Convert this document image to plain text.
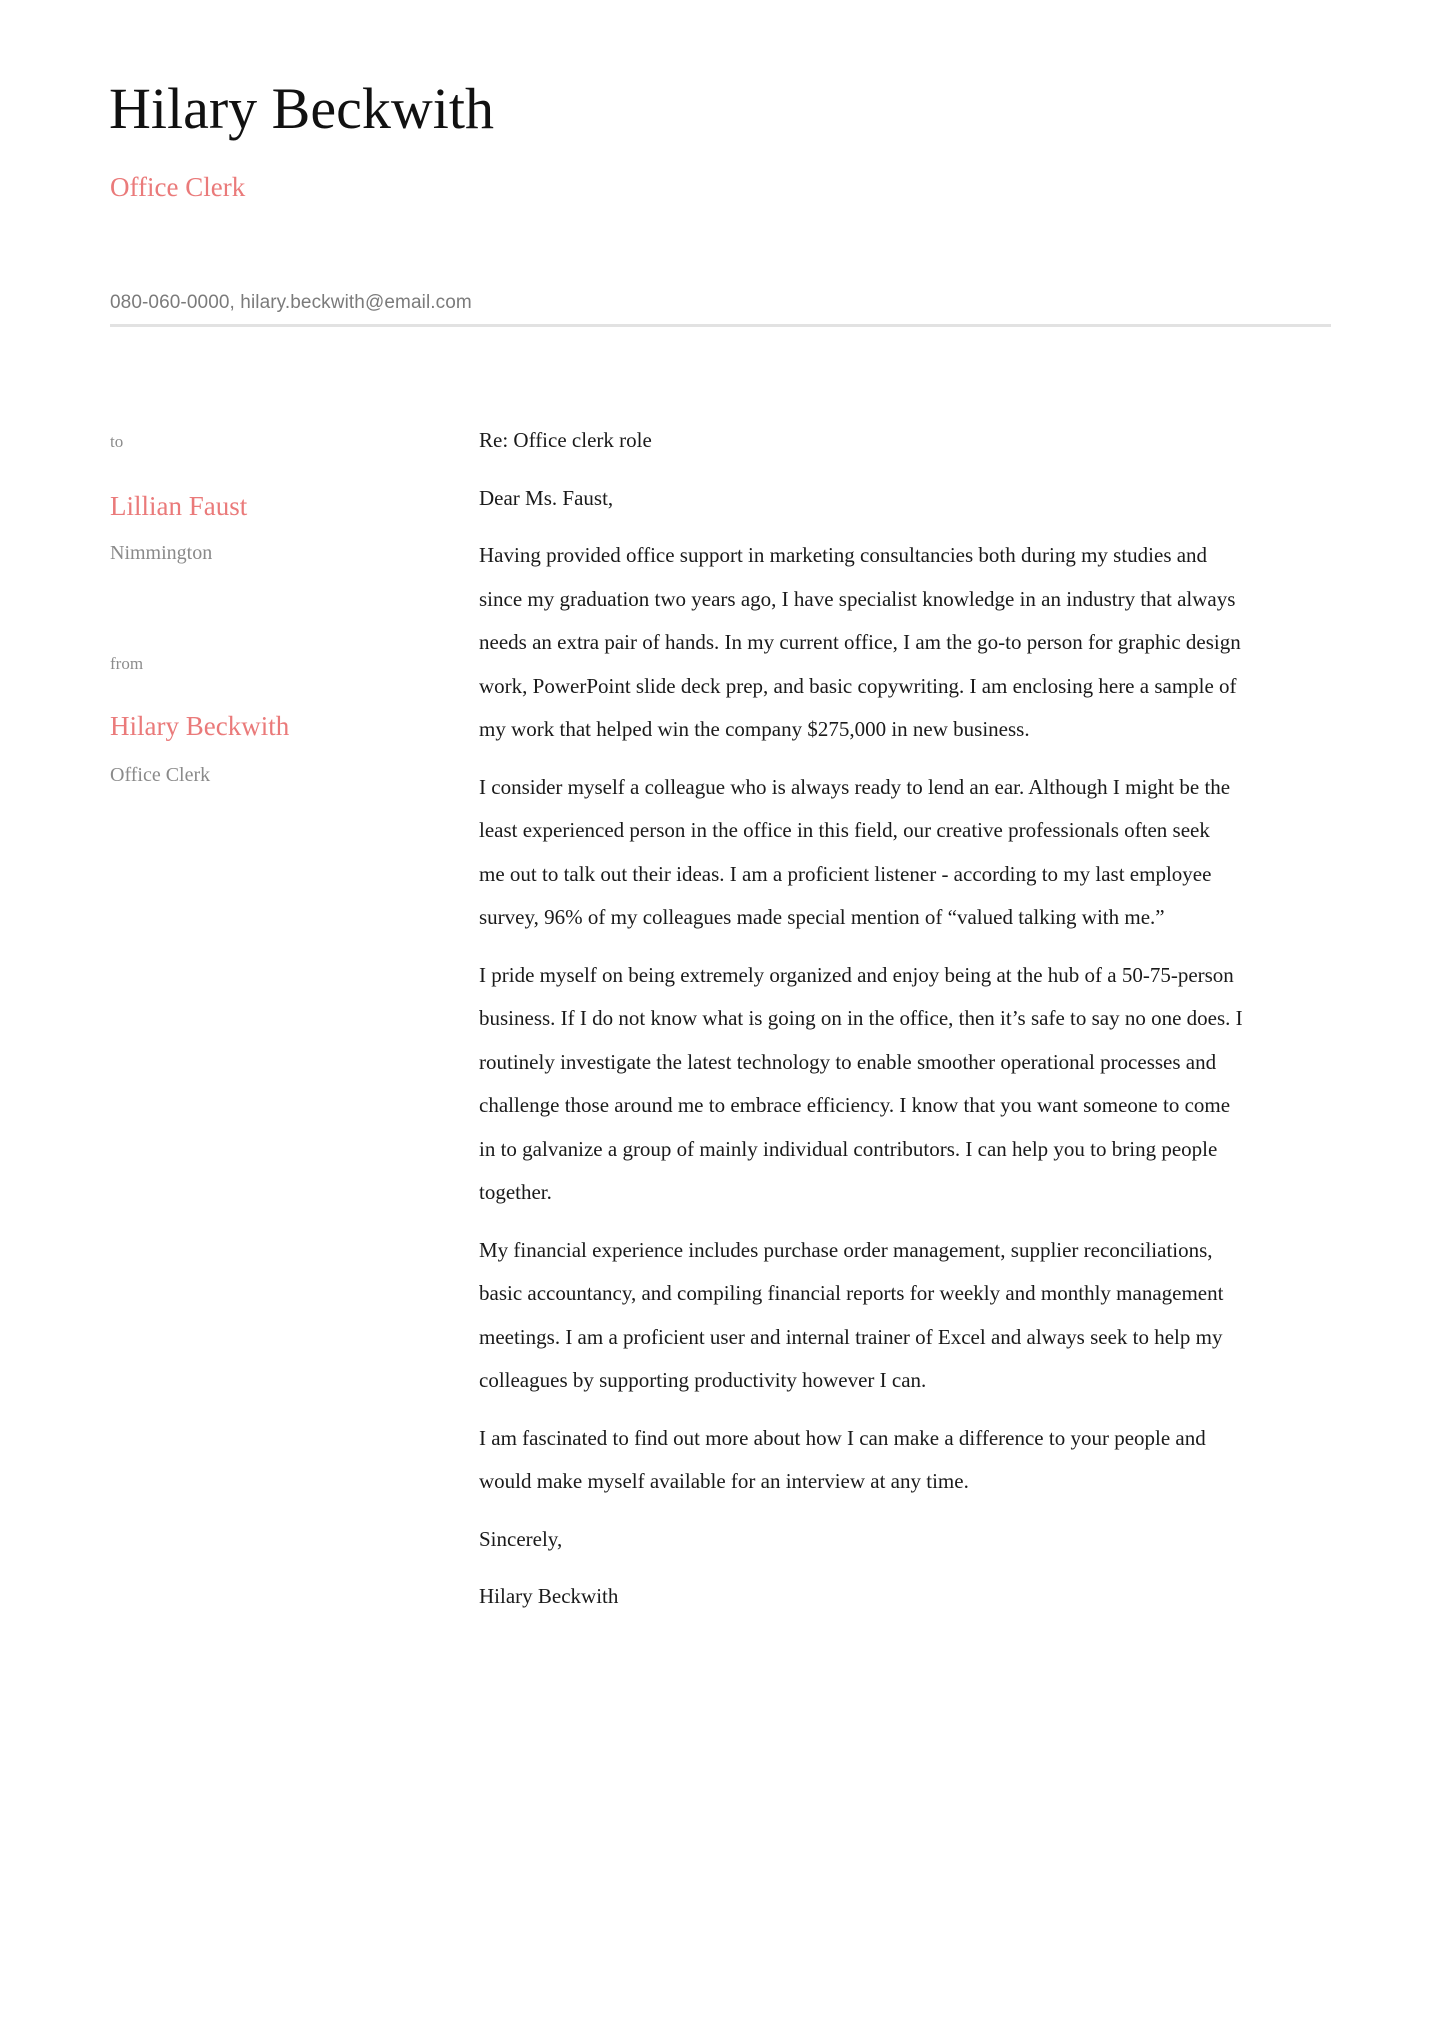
Hilary Beckwith
Office Clerk
080-060-0000, hilary.beckwith@email.com
to
Lillian Faust
Nimmington
from
Hilary Beckwith
Office Clerk

Re: Office clerk role

Dear Ms. Faust,

Having provided office support in marketing consultancies both during my studies and
since my graduation two years ago, I have specialist knowledge in an industry that always
needs an extra pair of hands. In my current office, I am the go-to person for graphic design
work, PowerPoint slide deck prep, and basic copywriting. I am enclosing here a sample of
my work that helped win the company $275,000 in new business.

I consider myself a colleague who is always ready to lend an ear. Although I might be the
least experienced person in the office in this field, our creative professionals often seek
me out to talk out their ideas. I am a proficient listener - according to my last employee
survey, 96% of my colleagues made special mention of “valued talking with me.”

I pride myself on being extremely organized and enjoy being at the hub of a 50-75-person
business. If I do not know what is going on in the office, then it’s safe to say no one does. I
routinely investigate the latest technology to enable smoother operational processes and
challenge those around me to embrace efficiency. I know that you want someone to come
in to galvanize a group of mainly individual contributors. I can help you to bring people
together.

My financial experience includes purchase order management, supplier reconciliations,
basic accountancy, and compiling financial reports for weekly and monthly management
meetings. I am a proficient user and internal trainer of Excel and always seek to help my
colleagues by supporting productivity however I can.

I am fascinated to find out more about how I can make a difference to your people and
would make myself available for an interview at any time.

Sincerely,

Hilary Beckwith
